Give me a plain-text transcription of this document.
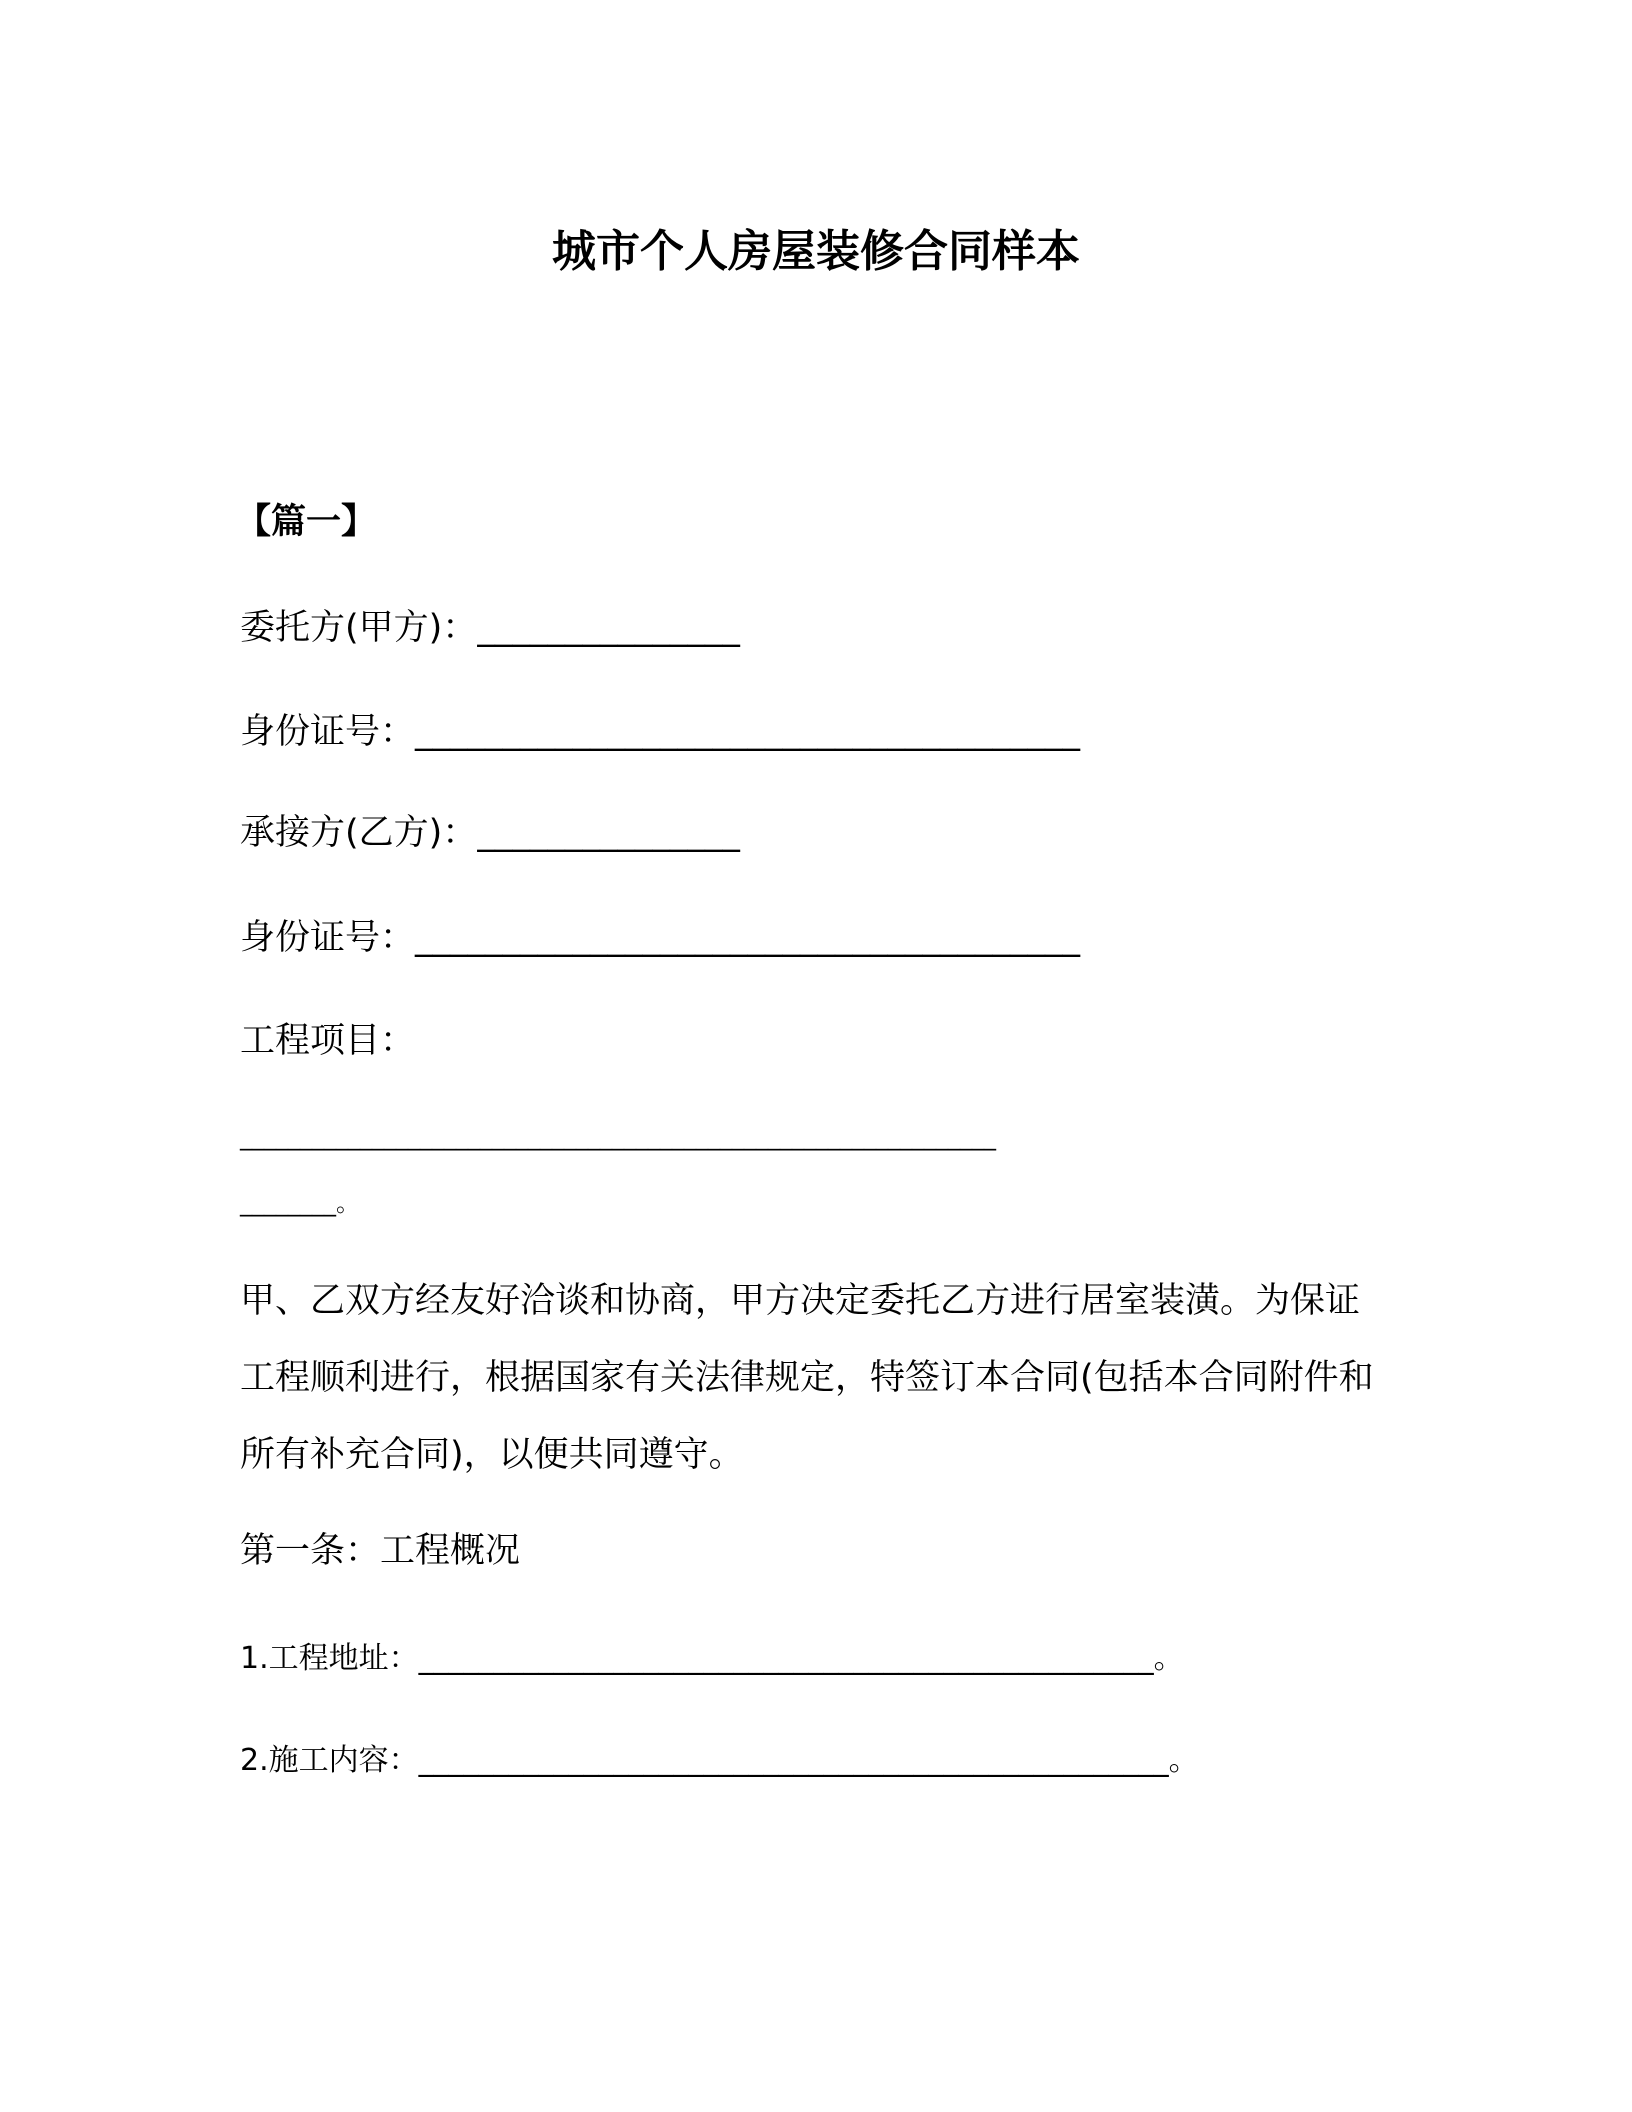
城市个人房屋装修合同样本
【篇一】
委托方(甲方)：_______________
身份证号：______________________________________
承接方(乙方)：_______________
身份证号：______________________________________
工程项目：
_______________________________________________________________
________。
甲、乙双方经友好洽谈和协商，甲方决定委托乙方进行居室装潢。为保证工程顺利进行，根据国家有关法律规定，特签订本合同(包括本合同附件和所有补充合同)，以便共同遵守。
第一条：工程概况
1.工程地址：_________________________________________________。
2.施工内容：__________________________________________________。
